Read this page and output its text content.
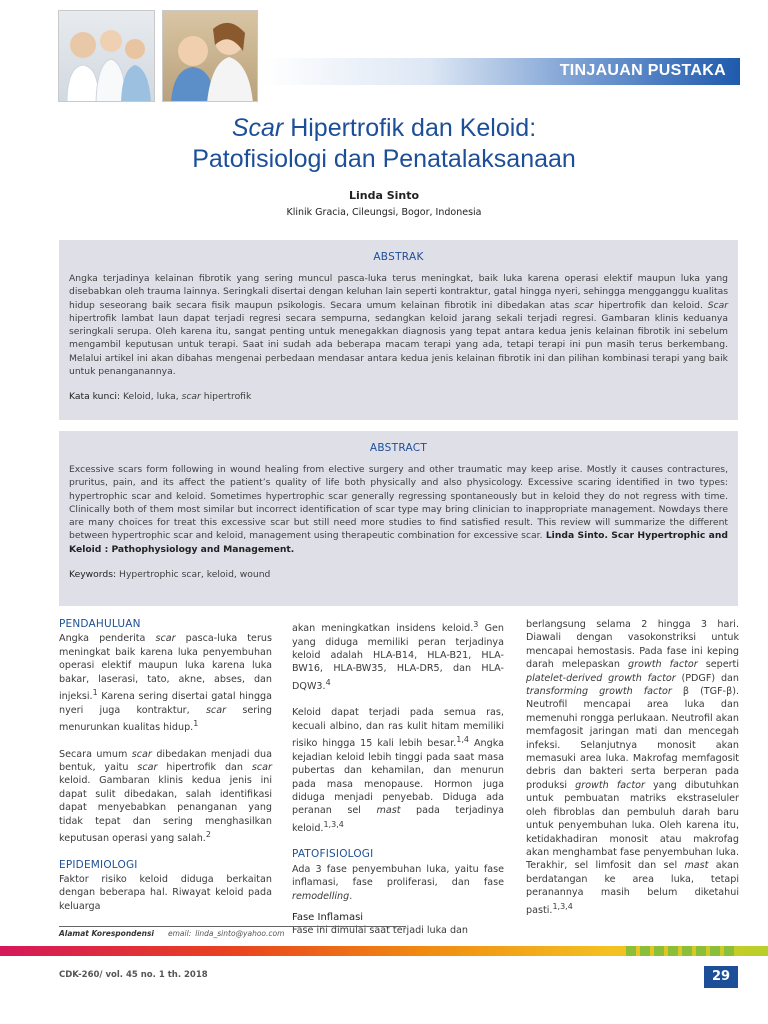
TINJAUAN PUSTAKA
Scar Hipertrofik dan Keloid:
Patofisiologi dan Penatalaksanaan
Linda Sinto
Klinik Gracia, Cileungsi, Bogor, Indonesia
ABSTRAK

Angka terjadinya kelainan fibrotik yang sering muncul pasca-luka terus meningkat, baik luka karena operasi elektif maupun luka yang disebabkan oleh trauma lainnya. Seringkali disertai dengan keluhan lain seperti kontraktur, gatal hingga nyeri, sehingga mengganggu kualitas hidup seseorang baik secara fisik maupun psikologis. Secara umum kelainan fibrotik ini dibedakan atas scar hipertrofik dan keloid. Scar hipertrofik lambat laun dapat terjadi regresi secara sempurna, sedangkan keloid jarang sekali terjadi regresi. Gambaran klinis keduanya seringkali serupa. Oleh karena itu, sangat penting untuk menegakkan diagnosis yang tepat antara kedua jenis kelainan fibrotik ini sebelum mengambil keputusan untuk terapi. Saat ini sudah ada beberapa macam terapi yang ada, tetapi terapi ini pun masih terus berkembang. Melalui artikel ini akan dibahas mengenai perbedaan mendasar antara kedua jenis kelainan fibrotik ini dan pilihan kombinasi terapi yang baik untuk penanganannya.

Kata kunci: Keloid, luka, scar hipertrofik

ABSTRACT

Excessive scars form following in wound healing from elective surgery and other traumatic may keep arise. Mostly it causes contractures, pruritus, pain, and its affect the patient’s quality of life both physically and also physicology. Excessive scaring identified in two types: hypertrophic scar and keloid. Sometimes hypertrophic scar generally regressing spontaneously but in keloid they do not regress with time. Clinically both of them most similar but incorrect identification of scar type may bring clinician to inappropriate management. Nowdays there are many choices for treat this excessive scar but still need more studies to find satisfied result. This review will summarize the different between hypertrophic scar and keloid, management using therapeutic combination for excessive scar. Linda Sinto. Scar Hypertrophic and Keloid : Pathophysiology and Management.

Keywords: Hypertrophic scar, keloid, wound

PENDAHULUAN

Angka penderita scar pasca-luka terus meningkat baik karena luka penyembuhan operasi elektif maupun luka karena luka bakar, laserasi, tato, akne, abses, dan injeksi.$^1$ Karena sering disertai gatal hingga nyeri juga kontraktur, scar sering menurunkan kualitas hidup.$^1$

Secara umum scar dibedakan menjadi dua bentuk, yaitu scar hipertrofik dan scar keloid. Gambaran klinis kedua jenis ini dapat sulit dibedakan, salah identifikasi dapat menyebabkan penanganan yang tidak tepat dan sering menghasilkan keputusan operasi yang salah.$^2$

EPIDEMIOLOGI

Faktor risiko keloid diduga berkaitan dengan beberapa hal. Riwayat keloid pada keluarga

akan meningkatkan insidens keloid.$^3$ Gen yang diduga memiliki peran terjadinya keloid adalah HLA-B14, HLA-B21, HLA-BW16, HLA-BW35, HLA-DR5, dan HLA-DQW3.$^4$

Keloid dapat terjadi pada semua ras, kecuali albino, dan ras kulit hitam memiliki risiko hingga 15 kali lebih besar.$^{1,4}$ Angka kejadian keloid lebih tinggi pada saat masa pubertas dan kehamilan, dan menurun pada masa menopause. Hormon juga diduga menjadi penyebab. Diduga ada peranan sel mast pada terjadinya keloid.$^{1,3,4}$

PATOFISIOLOGI

Ada 3 fase penyembuhan luka, yaitu fase inflamasi, fase proliferasi, dan fase remodelling.

Fase Inflamasi

Fase ini dimulai saat terjadi luka dan

berlangsung selama 2 hingga 3 hari. Diawali dengan vasokonstriksi untuk mencapai hemostasis. Pada fase ini keping darah melepaskan growth factor seperti platelet-derived growth factor (PDGF) dan transforming growth factor β (TGF-β). Neutrofil mencapai area luka dan memenuhi rongga perlukaan. Neutrofil akan memfagosit jaringan mati dan mencegah infeksi. Selanjutnya monosit akan memasuki area luka. Makrofag memfagosit debris dan bakteri serta berperan pada produksi growth factor yang dibutuhkan untuk pembuatan matriks ekstraseluler oleh fibroblas dan pembuluh darah baru untuk penyembuhan luka. Oleh karena itu, ketidakhadiran monosit atau makrofag akan menghambat fase penyembuhan luka. Terakhir, sel limfosit dan sel mast akan berdatangan ke area luka, tetapi peranannya masih belum diketahui pasti.$^{1,3,4}$

Alamat Korespondensi email: linda_sinto@yahoo.com
CDK-260/ vol. 45 no. 1 th. 2018	29
